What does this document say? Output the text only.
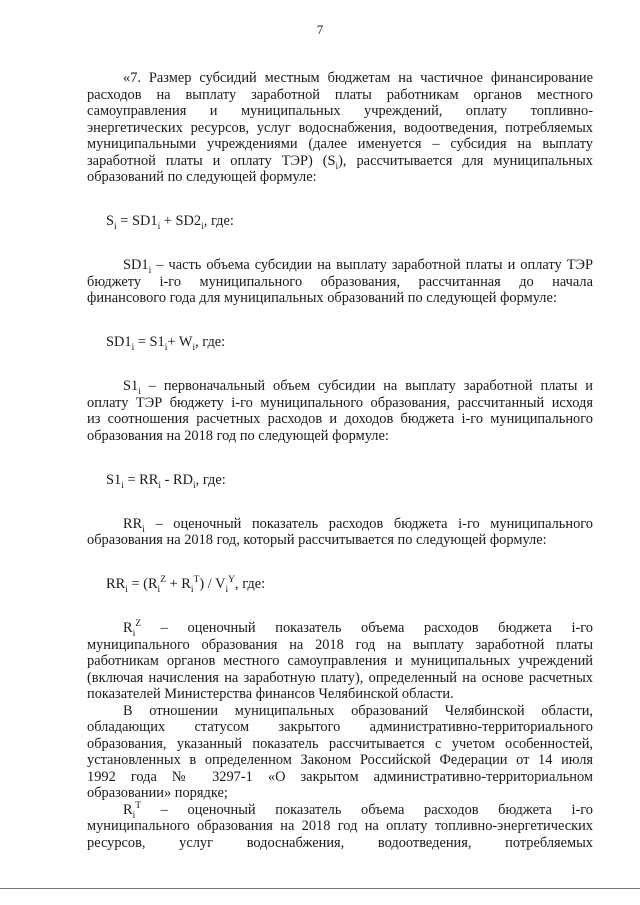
7
«7. Размер субсидий местным бюджетам на частичное финансирование
расходов на выплату заработной платы работникам органов местного
самоуправления и муниципальных учреждений, оплату топливно-
энергетических ресурсов, услуг водоснабжения, водоотведения, потребляемых
муниципальными учреждениями (далее именуется – субсидия на выплату
заработной платы и оплату ТЭР) $(S_i)$, рассчитывается для муниципальных
образований по следующей формуле:
$S_i = SD1_i + SD2_i$, где:
$SD1_i$ – часть объема субсидии на выплату заработной платы и оплату ТЭР
бюджету i-го муниципального образования, рассчитанная до начала
финансового года для муниципальных образований по следующей формуле:
$SD1_i = S1_i+ W_i$, где:
$S1_i$ – первоначальный объем субсидии на выплату заработной платы и
оплату ТЭР бюджету i-го муниципального образования, рассчитанный исходя
из соотношения расчетных расходов и доходов бюджета i-го муниципального
образования на 2018 год по следующей формуле:
$S1_i = RR_i - RD_i$, где:
$RR_i$ – оценочный показатель расходов бюджета i-го муниципального
образования на 2018 год, который рассчитывается по следующей формуле:
$RR_i = (R_i^Z + R_i^T) / V_i^Y$, где:
$R_i^Z$ – оценочный показатель объема расходов бюджета i-го
муниципального образования на 2018 год на выплату заработной платы
работникам органов местного самоуправления и муниципальных учреждений
(включая начисления на заработную плату), определенный на основе расчетных
показателей Министерства финансов Челябинской области.
В отношении муниципальных образований Челябинской области,
обладающих статусом закрытого административно-территориального
образования, указанный показатель рассчитывается с учетом особенностей,
установленных в определенном Законом Российской Федерации от 14 июля
1992 года № 3297-1 «О закрытом административно-территориальном
образовании» порядке;
$R_i^T$ – оценочный показатель объема расходов бюджета i-го
муниципального образования на 2018 год на оплату топливно-энергетических
ресурсов, услуг водоснабжения, водоотведения, потребляемых
